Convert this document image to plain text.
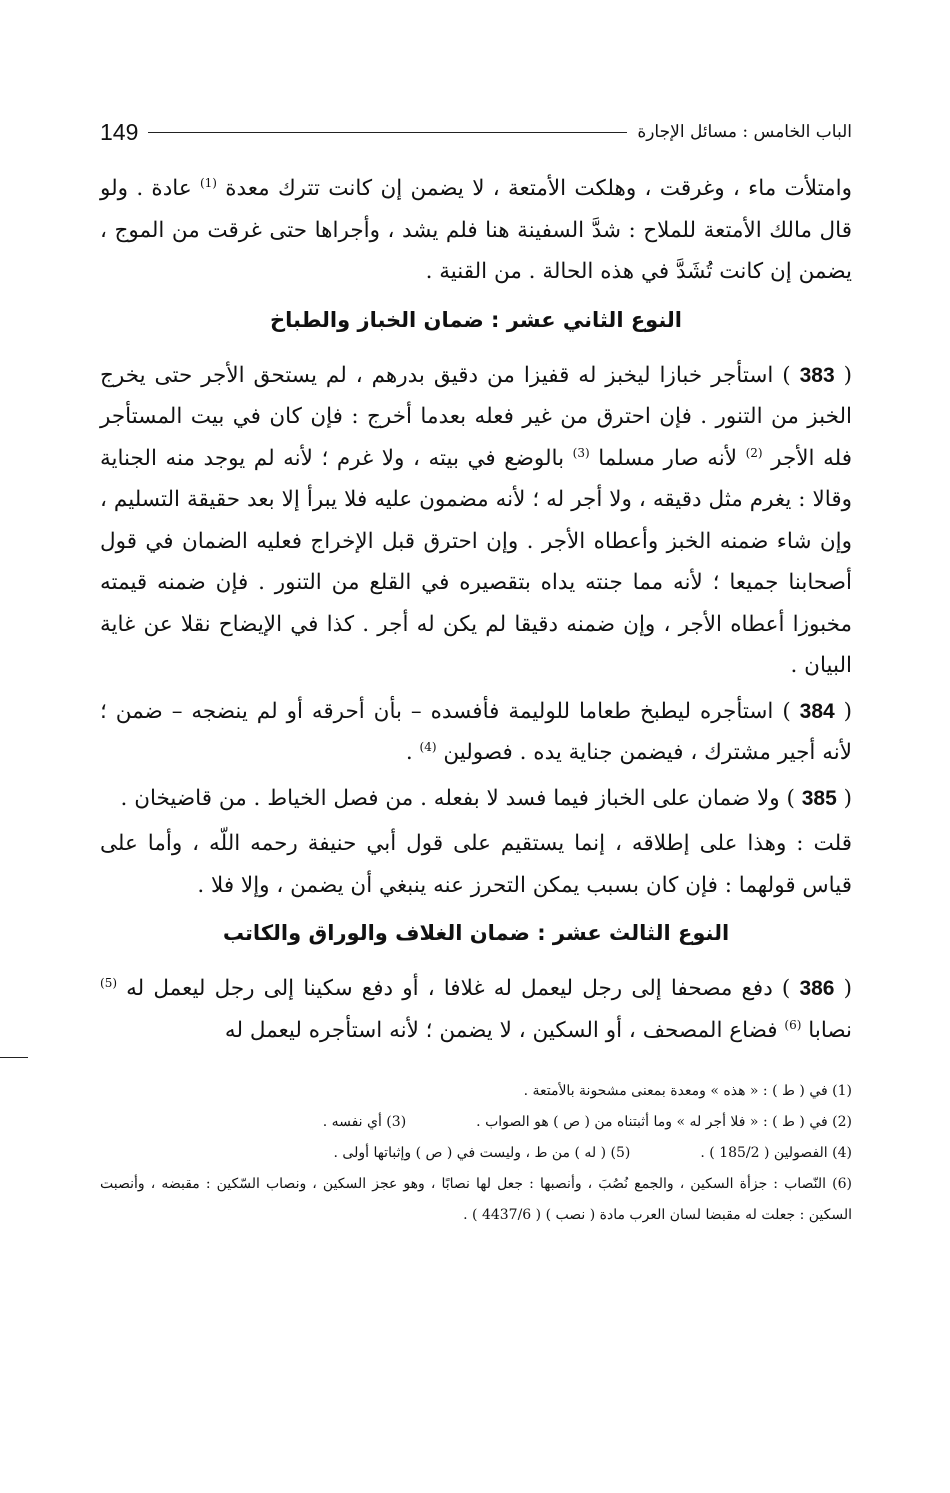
الباب الخامس : مسائل الإجارة
149

وامتلأت ماء ، وغرقت ، وهلكت الأمتعة ، لا يضمن إن كانت تترك معدة $^{(1)}$ عادة . ولو قال مالك الأمتعة للملاح : شدَّ السفينة هنا فلم يشد ، وأجراها حتى غرقت من الموج ، يضمن إن كانت تُشَدَّ في هذه الحالة . من القنية .

النوع الثاني عشر : ضمان الخباز والطباخ

( 383 ) استأجر خبازا ليخبز له قفيزا من دقيق بدرهم ، لم يستحق الأجر حتى يخرج الخبز من التنور . فإن احترق من غير فعله بعدما أخرج : فإن كان في بيت المستأجر فله الأجر $^{(2)}$ لأنه صار مسلما $^{(3)}$ بالوضع في بيته ، ولا غرم ؛ لأنه لم يوجد منه الجناية وقالا : يغرم مثل دقيقه ، ولا أجر له ؛ لأنه مضمون عليه فلا يبرأ إلا بعد حقيقة التسليم ، وإن شاء ضمنه الخبز وأعطاه الأجر . وإن احترق قبل الإخراج فعليه الضمان في قول أصحابنا جميعا ؛ لأنه مما جنته يداه بتقصيره في القلع من التنور . فإن ضمنه قيمته مخبوزا أعطاه الأجر ، وإن ضمنه دقيقا لم يكن له أجر . كذا في الإيضاح نقلا عن غاية البيان .

( 384 ) استأجره ليطبخ طعاما للوليمة فأفسده – بأن أحرقه أو لم ينضجه – ضمن ؛ لأنه أجير مشترك ، فيضمن جناية يده . فصولين $^{(4)}$ .

( 385 ) ولا ضمان على الخباز فيما فسد لا بفعله . من فصل الخياط . من قاضيخان .

قلت : وهذا على إطلاقه ، إنما يستقيم على قول أبي حنيفة رحمه اللّه ، وأما على قياس قولهما : فإن كان بسبب يمكن التحرز عنه ينبغي أن يضمن ، وإلا فلا .

النوع الثالث عشر : ضمان الغلاف والوراق والكاتب

( 386 ) دفع مصحفا إلى رجل ليعمل له غلافا ، أو دفع سكينا إلى رجل ليعمل له $^{(5)}$ نصابا $^{(6)}$ فضاع المصحف ، أو السكين ، لا يضمن ؛ لأنه استأجره ليعمل له

(1) في ( ط ) : « هذه » ومعدة بمعنى مشحونة بالأمتعة .

(2) في ( ط ) : « فلا أجر له » وما أثبتناه من ( ص ) هو الصواب .
(3) أي نفسه .
(4) الفصولين ( 185/2 ) .
(5) ( له ) من ط ، وليست في ( ص ) وإثباتها أولى .

(6) النّصاب : جزأة السكين ، والجمع نُصُبَ ، وأنصبها : جعل لها نصابًا ، وهو عجز السكين ، ونصاب السّكين : مقبضه ، وأنصبت السكين : جعلت له مقبضا لسان العرب مادة ( نصب ) ( 4437/6 ) .
